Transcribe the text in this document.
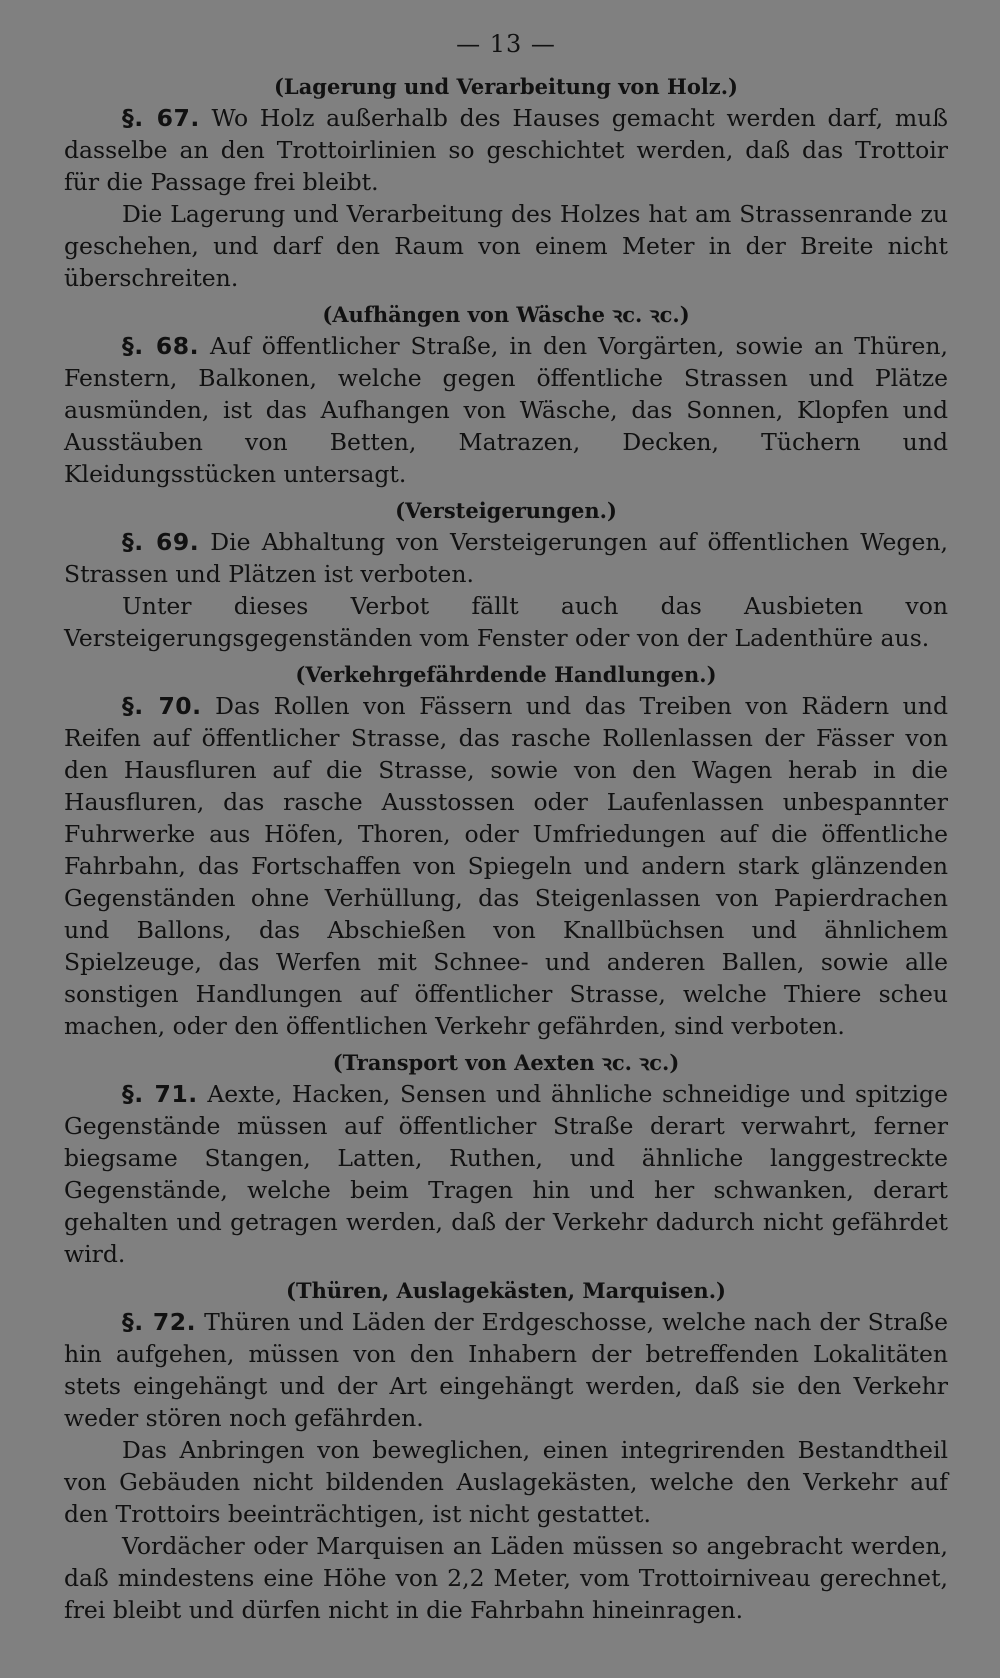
— 13 —
(Lagerung und Verarbeitung von Holz.)

§. 67. Wo Holz außerhalb des Hauses gemacht werden darf, muß dasselbe an den Trottoirlinien so geschichtet werden, daß das Trottoir für die Passage frei bleibt.

Die Lagerung und Verarbeitung des Holzes hat am Strassenrande zu geschehen, und darf den Raum von einem Meter in der Breite nicht überschreiten.

(Aufhängen von Wäsche ꝛc. ꝛc.)

§. 68. Auf öffentlicher Straße, in den Vorgärten, sowie an Thüren, Fenstern, Balkonen, welche gegen öffentliche Strassen und Plätze ausmünden, ist das Aufhangen von Wäsche, das Sonnen, Klopfen und Ausstäuben von Betten, Matrazen, Decken, Tüchern und Kleidungsstücken untersagt.

(Versteigerungen.)

§. 69. Die Abhaltung von Versteigerungen auf öffentlichen Wegen, Strassen und Plätzen ist verboten.

Unter dieses Verbot fällt auch das Ausbieten von Versteigerungsgegenständen vom Fenster oder von der Ladenthüre aus.

(Verkehrgefährdende Handlungen.)

§. 70. Das Rollen von Fässern und das Treiben von Rädern und Reifen auf öffentlicher Strasse, das rasche Rollenlassen der Fässer von den Hausfluren auf die Strasse, sowie von den Wagen herab in die Hausfluren, das rasche Ausstossen oder Laufenlassen unbespannter Fuhrwerke aus Höfen, Thoren, oder Umfriedungen auf die öffentliche Fahrbahn, das Fortschaffen von Spiegeln und andern stark glänzenden Gegenständen ohne Verhüllung, das Steigenlassen von Papierdrachen und Ballons, das Abschießen von Knallbüchsen und ähnlichem Spielzeuge, das Werfen mit Schnee- und anderen Ballen, sowie alle sonstigen Handlungen auf öffentlicher Strasse, welche Thiere scheu machen, oder den öffentlichen Verkehr gefährden, sind verboten.

(Transport von Aexten ꝛc. ꝛc.)

§. 71. Aexte, Hacken, Sensen und ähnliche schneidige und spitzige Gegenstände müssen auf öffentlicher Straße derart verwahrt, ferner biegsame Stangen, Latten, Ruthen, und ähnliche langgestreckte Gegenstände, welche beim Tragen hin und her schwanken, derart gehalten und getragen werden, daß der Verkehr dadurch nicht gefährdet wird.

(Thüren, Auslagekästen, Marquisen.)

§. 72. Thüren und Läden der Erdgeschosse, welche nach der Straße hin aufgehen, müssen von den Inhabern der betreffenden Lokalitäten stets eingehängt und der Art eingehängt werden, daß sie den Verkehr weder stören noch gefährden.

Das Anbringen von beweglichen, einen integrirenden Bestandtheil von Gebäuden nicht bildenden Auslagekästen, welche den Verkehr auf den Trottoirs beeinträchtigen, ist nicht gestattet.

Vordächer oder Marquisen an Läden müssen so angebracht werden, daß mindestens eine Höhe von 2,2 Meter, vom Trottoirniveau gerechnet, frei bleibt und dürfen nicht in die Fahrbahn hineinragen.
